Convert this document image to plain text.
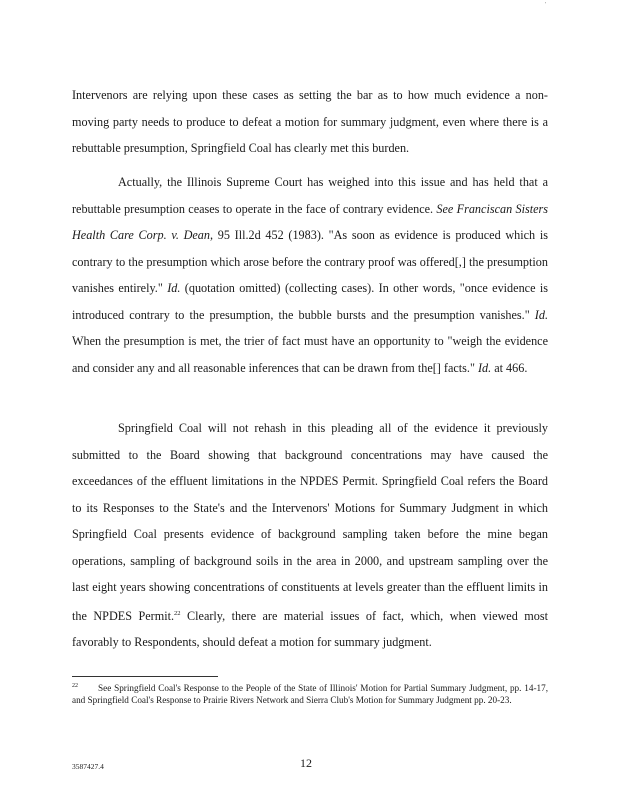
'

Intervenors are relying upon these cases as setting the bar as to how much evidence a non-moving party needs to produce to defeat a motion for summary judgment, even where there is a rebuttable presumption, Springfield Coal has clearly met this burden.

Actually, the Illinois Supreme Court has weighed into this issue and has held that a rebuttable presumption ceases to operate in the face of contrary evidence. See Franciscan Sisters Health Care Corp. v. Dean, 95 Ill.2d 452 (1983). "As soon as evidence is produced which is contrary to the presumption which arose before the contrary proof was offered[,] the presumption vanishes entirely." Id. (quotation omitted) (collecting cases). In other words, "once evidence is introduced contrary to the presumption, the bubble bursts and the presumption vanishes." Id. When the presumption is met, the trier of fact must have an opportunity to "weigh the evidence and consider any and all reasonable inferences that can be drawn from the[] facts." Id. at 466.

Springfield Coal will not rehash in this pleading all of the evidence it previously submitted to the Board showing that background concentrations may have caused the exceedances of the effluent limitations in the NPDES Permit. Springfield Coal refers the Board to its Responses to the State's and the Intervenors' Motions for Summary Judgment in which Springfield Coal presents evidence of background sampling taken before the mine began operations, sampling of background soils in the area in 2000, and upstream sampling over the last eight years showing concentrations of constituents at levels greater than the effluent limits in the NPDES Permit.$^{22}$ Clearly, there are material issues of fact, which, when viewed most favorably to Respondents, should defeat a motion for summary judgment.

$^{22}$ See Springfield Coal's Response to the People of the State of Illinois' Motion for Partial Summary Judgment, pp. 14-17, and Springfield Coal's Response to Prairie Rivers Network and Sierra Club's Motion for Summary Judgment pp. 20-23.
3587427.4	12
